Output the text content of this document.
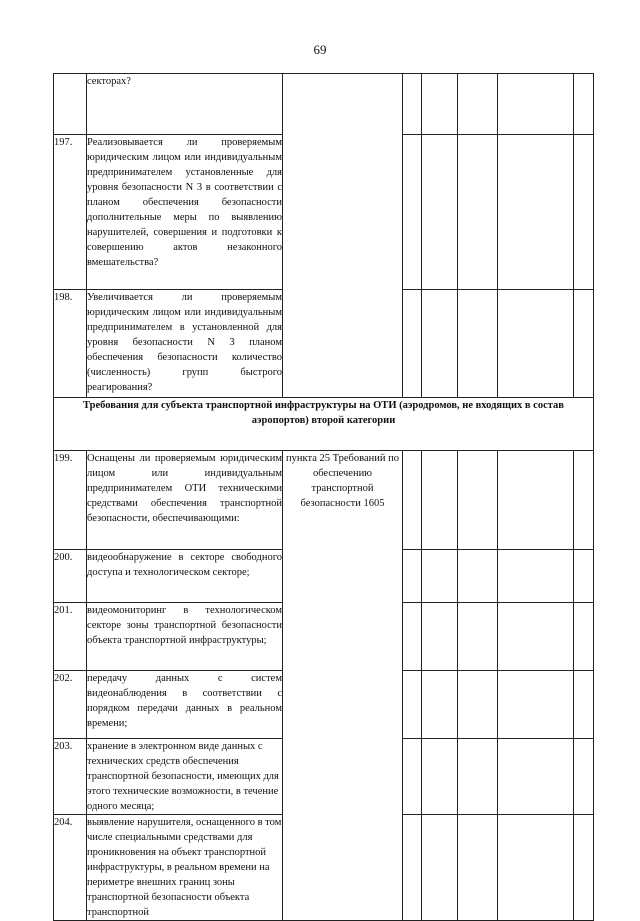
69
	секторах?						
197.	Реализовывается ли проверяемым юридическим лицом или индивидуальным предпринимателем установленные для уровня безопасности N 3 в соответствии с планом обеспечения безопасности дополнительные меры по выявлению нарушителей, совершения и подготовки к совершению актов незаконного вмешательства?						
198.	Увеличивается ли проверяемым юридическим лицом или индивидуальным предпринимателем в установленной для уровня безопасности N 3 планом обеспечения безопасности количество (численность) групп быстрого реагирования?						
Требования для субъекта транспортной инфраструктуры на ОТИ (аэродромов, не входящих в состав аэропортов) второй категории							
199.	Оснащены ли проверяемым юридическим лицом или индивидуальным предпринимателем ОТИ техническими средствами обеспечения транспортной безопасности, обеспечивающими:	пункта 25 Требований по обеспечению транспортной безопасности 1605					
200.	видеообнаружение в секторе свободного доступа и технологическом секторе;						
201.	видеомониторинг в технологическом секторе зоны транспортной безопасности объекта транспортной инфраструктуры;						
202.	передачу данных с систем видеонаблюдения в соответствии с порядком передачи данных в реальном времени;						
203.	хранение в электронном виде данных с технических средств обеспечения транспортной безопасности, имеющих для этого технические возможности, в течение одного месяца;						
204.	выявление нарушителя, оснащенного в том числе специальными средствами для проникновения на объект транспортной инфраструктуры, в реальном времени на периметре внешних границ зоны транспортной безопасности объекта транспортной						
